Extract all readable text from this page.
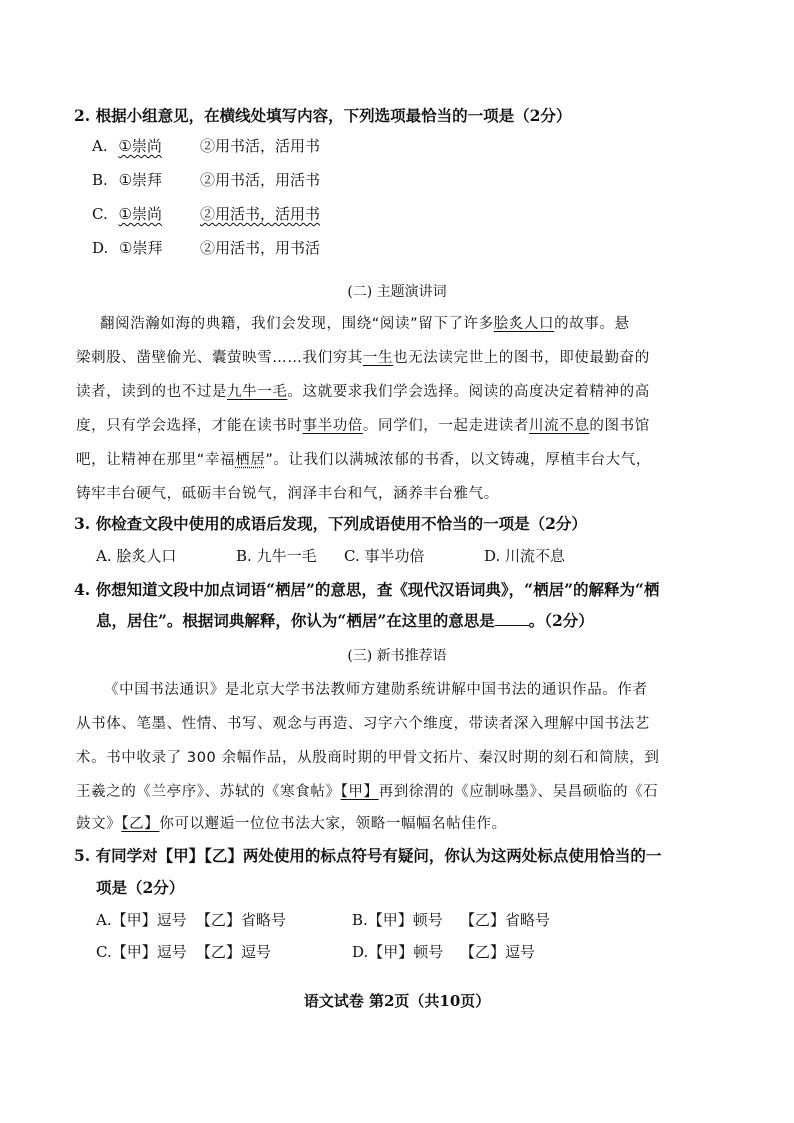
2. 根据小组意见，在横线处填写内容，下列选项最恰当的一项是（2分）
A. ①崇尚	②用书活，活用书
B. ①崇拜	②用书活，用活书
C. ①崇尚	②用活书，活用书
D. ①崇拜	②用活书，用书活
(二) 主题演讲词
翻阅浩瀚如海的典籍，我们会发现，围绕“阅读”留下了许多脍炙人口的故事。悬
梁刺股、凿壁偷光、囊萤映雪……我们穷其一生也无法读完世上的图书，即使最勤奋的
读者，读到的也不过是九牛一毛。这就要求我们学会选择。阅读的高度决定着精神的高
度，只有学会选择，才能在读书时事半功倍。同学们，一起走进读者川流不息的图书馆
吧，让精神在那里“幸福栖居”。让我们以满城浓郁的书香，以文铸魂，厚植丰台大气，
铸牢丰台硬气，砥砺丰台锐气，润泽丰台和气，涵养丰台雅气。
3. 你检查文段中使用的成语后发现，下列成语使用不恰当的一项是（2分）
A. 脍炙人口	B. 九牛一毛 C. 事半功倍	D. 川流不息
4. 你想知道文段中加点词语“栖居”的意思，查《现代汉语词典》，“栖居”的解释为“栖
息，居住”。根据词典解释，你认为“栖居”在这里的意思是 。（2分）
(三) 新书推荐语
《中国书法通识》是北京大学书法教师方建勋系统讲解中国书法的通识作品。作者
从书体、笔墨、性情、书写、观念与再造、习字六个维度，带读者深入理解中国书法艺
术。书中收录了 300 余幅作品，从殷商时期的甲骨文拓片、秦汉时期的刻石和简牍，到
王羲之的《兰亭序》、苏轼的《寒食帖》【甲】再到徐渭的《应制咏墨》、吴昌硕临的《石
鼓文》【乙】你可以邂逅一位位书法大家，领略一幅幅名帖佳作。
5. 有同学对【甲】【乙】两处使用的标点符号有疑问，你认为这两处标点使用恰当的一
项是（2分）
A.【甲】逗号 【乙】省略号	B.【甲】顿号 【乙】省略号
C.【甲】逗号 【乙】逗号	D.【甲】顿号 【乙】逗号
语文试卷 第2页（共10页）
